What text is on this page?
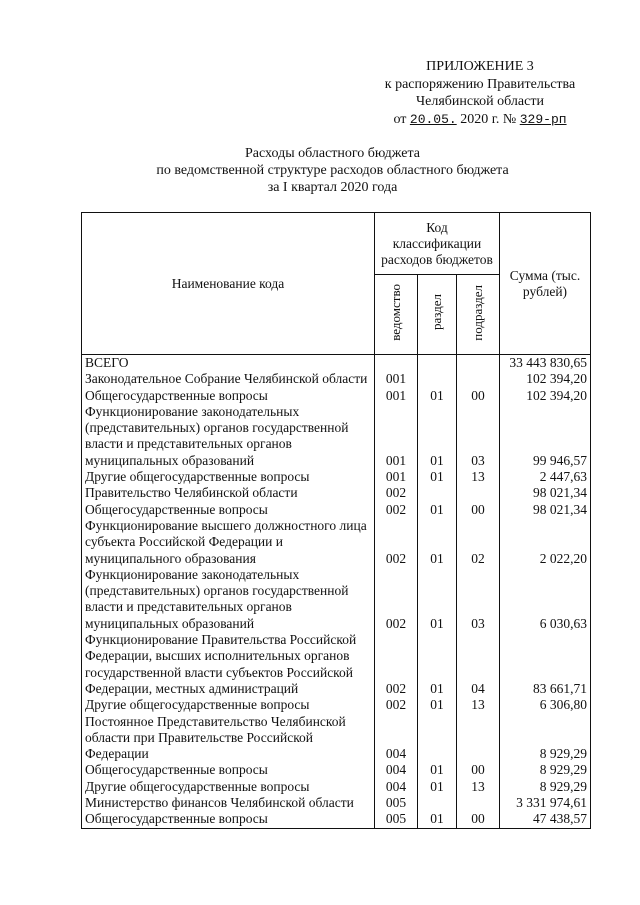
ПРИЛОЖЕНИЕ 3
к распоряжению Правительства
Челябинской области
от 20.05. 2020 г. № 329-рп
Расходы областного бюджета
по ведомственной структуре расходов областного бюджета
за I квартал 2020 года
Наименование кода	Код классификации расходов бюджетов			Сумма (тыс. рублей)
	ведомство	раздел	подраздел	
ВСЕГО				33 443 830,65
Законодательное Собрание Челябинской области	001			102 394,20
Общегосударственные вопросы	001	01	00	102 394,20
Функционирование законодательных (представительных) органов государственной власти и представительных органов муниципальных образований	001	01	03	99 946,57
Другие общегосударственные вопросы	001	01	13	2 447,63
Правительство Челябинской области	002			98 021,34
Общегосударственные вопросы	002	01	00	98 021,34
Функционирование высшего должностного лица субъекта Российской Федерации и муниципального образования	002	01	02	2 022,20
Функционирование законодательных (представительных) органов государственной власти и представительных органов муниципальных образований	002	01	03	6 030,63
Функционирование Правительства Российской Федерации, высших исполнительных органов государственной власти субъектов Российской Федерации, местных администраций	002	01	04	83 661,71
Другие общегосударственные вопросы	002	01	13	6 306,80
Постоянное Представительство Челябинской области при Правительстве Российской Федерации	004			8 929,29
Общегосударственные вопросы	004	01	00	8 929,29
Другие общегосударственные вопросы	004	01	13	8 929,29
Министерство финансов Челябинской области	005			3 331 974,61
Общегосударственные вопросы	005	01	00	47 438,57
